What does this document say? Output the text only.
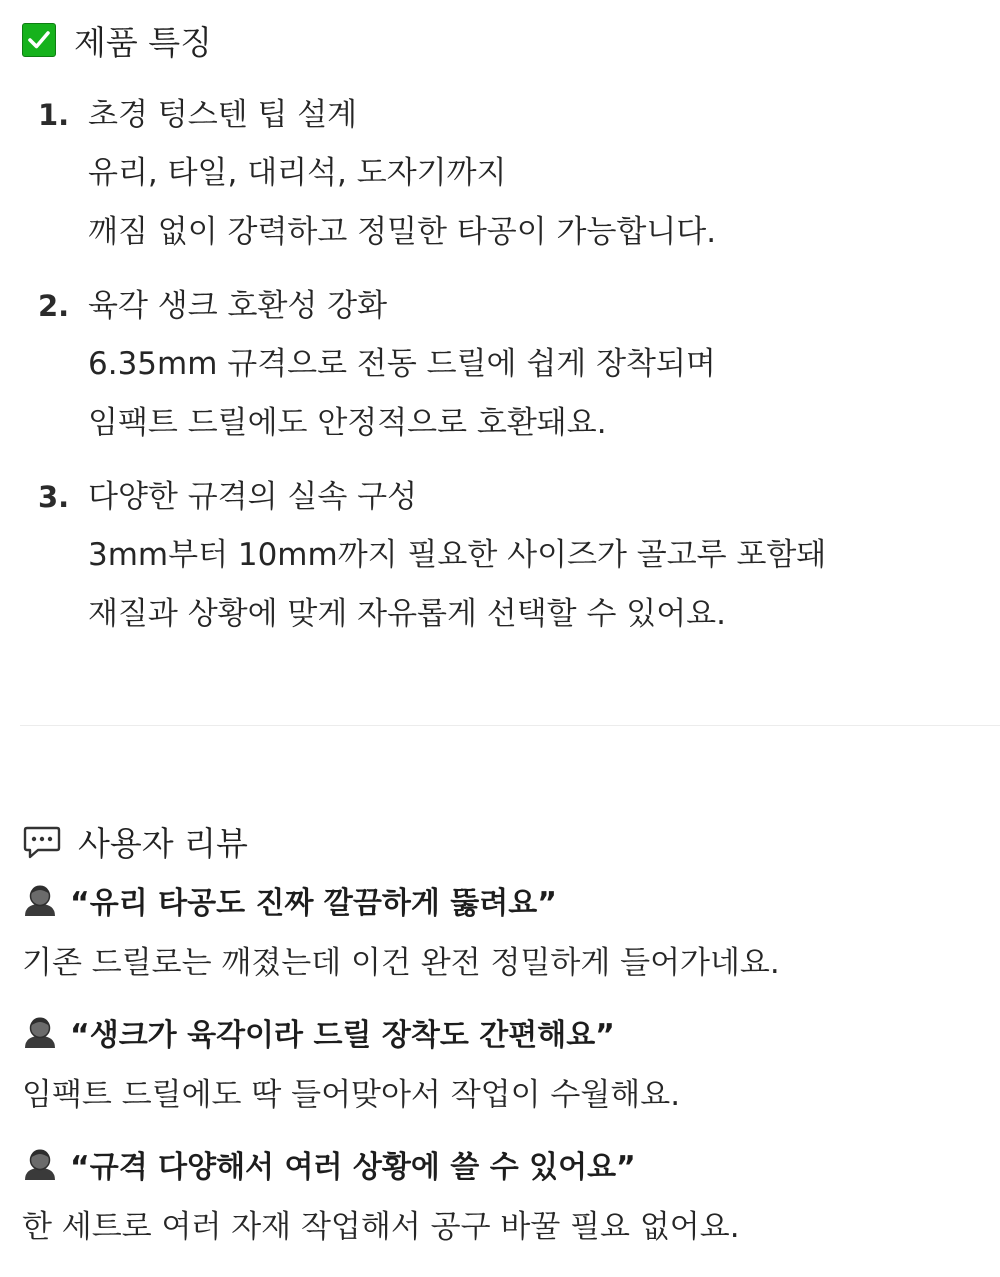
제품 특징
1. 초경 텅스텐 팁 설계
유리, 타일, 대리석, 도자기까지
깨짐 없이 강력하고 정밀한 타공이 가능합니다.
2. 육각 생크 호환성 강화
6.35mm 규격으로 전동 드릴에 쉽게 장착되며
임팩트 드릴에도 안정적으로 호환돼요.
3. 다양한 규격의 실속 구성
3mm부터 10mm까지 필요한 사이즈가 골고루 포함돼
재질과 상황에 맞게 자유롭게 선택할 수 있어요.
사용자 리뷰
“유리 타공도 진짜 깔끔하게 뚫려요”
기존 드릴로는 깨졌는데 이건 완전 정밀하게 들어가네요.
“생크가 육각이라 드릴 장착도 간편해요”
임팩트 드릴에도 딱 들어맞아서 작업이 수월해요.
“규격 다양해서 여러 상황에 쓸 수 있어요”
한 세트로 여러 자재 작업해서 공구 바꿀 필요 없어요.
